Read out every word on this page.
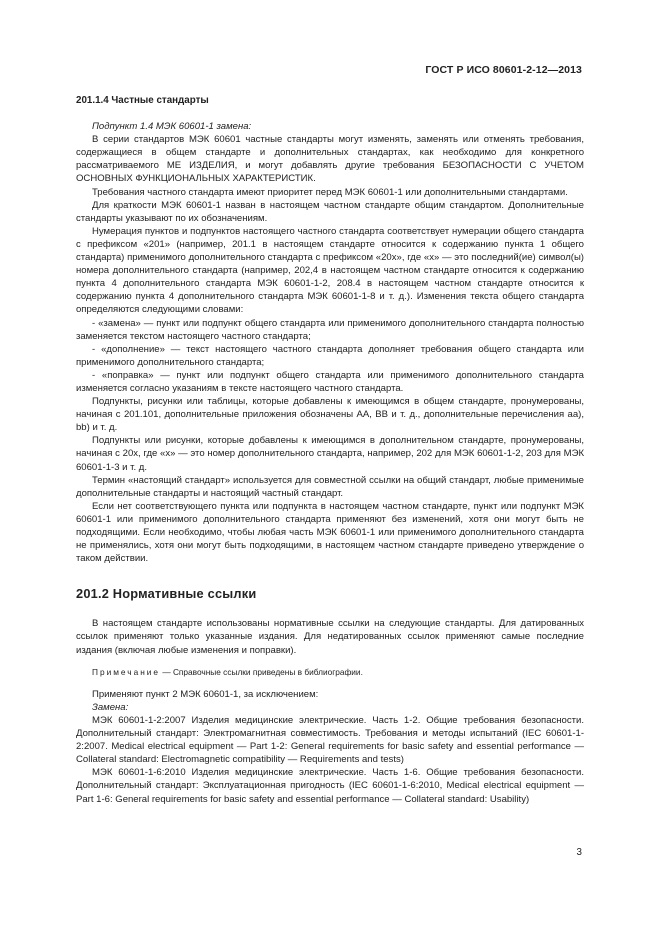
ГОСТ Р ИСО 80601-2-12—2013
201.1.4 Частные стандарты

Подпункт 1.4 МЭК 60601-1 замена:

В серии стандартов МЭК 60601 частные стандарты могут изменять, заменять или отменять требования, содержащиеся в общем стандарте и дополнительных стандартах, как необходимо для конкретного рассматриваемого МЕ ИЗДЕЛИЯ, и могут добавлять другие требования БЕЗОПАСНОСТИ С УЧЕТОМ ОСНОВНЫХ ФУНКЦИОНАЛЬНЫХ ХАРАКТЕРИСТИК.

Требования частного стандарта имеют приоритет перед МЭК 60601-1 или дополнительными стандартами.

Для краткости МЭК 60601-1 назван в настоящем частном стандарте общим стандартом. Дополнительные стандарты указывают по их обозначениям.

Нумерация пунктов и подпунктов настоящего частного стандарта соответствует нумерации общего стандарта с префиксом «201» (например, 201.1 в настоящем стандарте относится к содержанию пункта 1 общего стандарта) применимого дополнительного стандарта с префиксом «20х», где «х» — это последний(ие) символ(ы) номера дополнительного стандарта (например, 202,4 в настоящем частном стандарте относится к содержанию пункта 4 дополнительного стандарта МЭК 60601-1-2, 208.4 в настоящем частном стандарте относится к содержанию пункта 4 дополнительного стандарта МЭК 60601-1-8 и т. д.). Изменения текста общего стандарта определяются следующими словами:

- «замена» — пункт или подпункт общего стандарта или применимого дополнительного стандарта полностью заменяется текстом настоящего частного стандарта;

- «дополнение» — текст настоящего частного стандарта дополняет требования общего стандарта или применимого дополнительного стандарта;

- «поправка» — пункт или подпункт общего стандарта или применимого дополнительного стандарта изменяется согласно указаниям в тексте настоящего частного стандарта.

Подпункты, рисунки или таблицы, которые добавлены к имеющимся в общем стандарте, пронумерованы, начиная с 201.101, дополнительные приложения обозначены АА, ВВ и т. д., дополнительные перечисления аа), bb) и т. д.

Подпункты или рисунки, которые добавлены к имеющимся в дополнительном стандарте, пронумерованы, начиная с 20х, где «х» — это номер дополнительного стандарта, например, 202 для МЭК 60601-1-2, 203 для МЭК 60601-1-3 и т. д.

Термин «настоящий стандарт» используется для совместной ссылки на общий стандарт, любые применимые дополнительные стандарты и настоящий частный стандарт.

Если нет соответствующего пункта или подпункта в настоящем частном стандарте, пункт или подпункт МЭК 60601-1 или применимого дополнительного стандарта применяют без изменений, хотя они могут быть не подходящими. Если необходимо, чтобы любая часть МЭК 60601-1 или применимого дополнительного стандарта не применялись, хотя они могут быть подходящими, в настоящем частном стандарте приведено утверждение о таком действии.

201.2 Нормативные ссылки

В настоящем стандарте использованы нормативные ссылки на следующие стандарты. Для датированных ссылок применяют только указанные издания. Для недатированных ссылок применяют самые последние издания (включая любые изменения и поправки).

Примечание — Справочные ссылки приведены в библиографии.

Применяют пункт 2 МЭК 60601-1, за исключением:

Замена:

МЭК 60601-1-2:2007 Изделия медицинские электрические. Часть 1-2. Общие требования безопасности. Дополнительный стандарт: Электромагнитная совместимость. Требования и методы испытаний (IEC 60601-1-2:2007. Medical electrical equipment — Part 1-2: General requirements for basic safety and essential performance — Collateral standard: Electromagnetic compatibility — Requirements and tests)

МЭК 60601-1-6:2010 Изделия медицинские электрические. Часть 1-6. Общие требования безопасности. Дополнительный стандарт: Эксплуатационная пригодность (IEC 60601-1-6:2010, Medical electrical equipment — Part 1-6: General requirements for basic safety and essential performance — Collateral standard: Usability)

3
